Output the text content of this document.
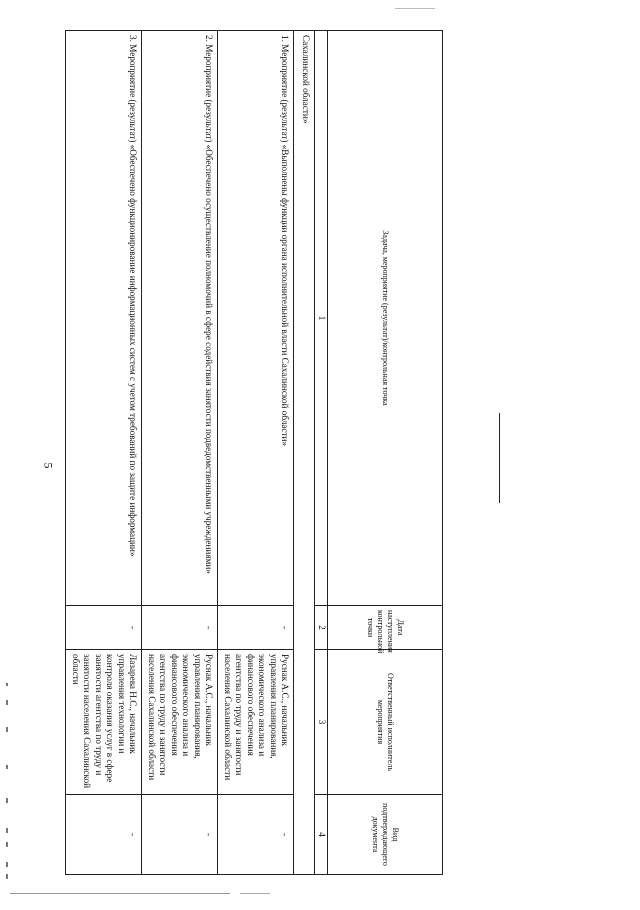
5
Задача, мероприятие (результат)/контрольная точка	Дата наступления контрольной точки	Ответственный исполнитель мероприятия	Вид подтверждающего документа
1	2	3	4
Сахалинской области»			
1. Мероприятие (результат) «Выполнены функции органа исполнительной власти Сахалинской области»	-	Руснак А.С., начальник управления планирования, экономического анализа и финансового обеспечения агентства по труду и занятости населения Сахалинской области	-
2. Мероприятие (результат) «Обеспечено осуществление полномочий в сфере содействия занятости подведомственными учреждениями»	-	Руснак А.С., начальник управления планирования, экономического анализа и финансового обеспечения агентства по труду и занятости населения Сахалинской области	-
3. Мероприятие (результат) «Обеспечено функционирование информационных систем с учетом требований по защите информации»	-	Лазарева Н.С., начальник управления технологии и контроля оказания услуг в сфере занятости агентства по труду и занятости населения Сахалинской области	-
